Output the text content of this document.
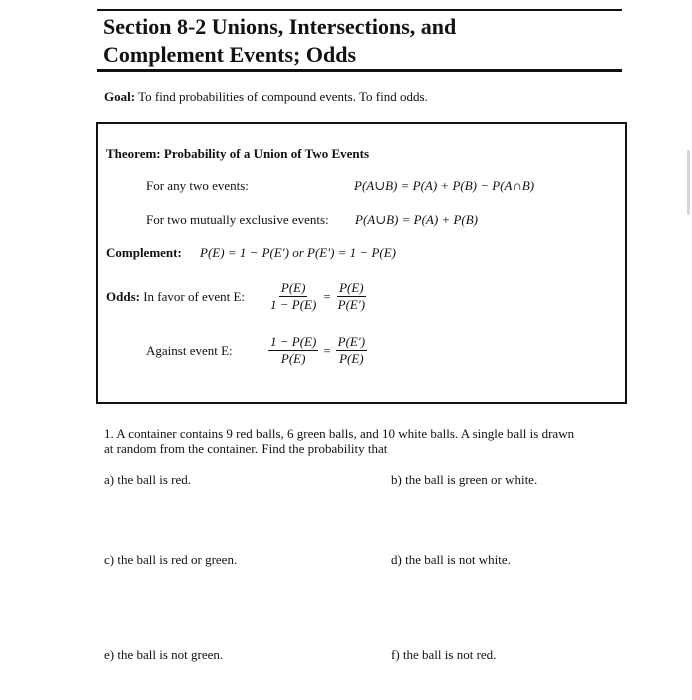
Section 8-2 Unions, Intersections, and
Complement Events; Odds
Goal: To find probabilities of compound events. To find odds.
Theorem: Probability of a Union of Two Events
For any two events:	P(A∪B) = P(A) + P(B) − P(A∩B)
For two mutually exclusive events: P(A∪B) = P(A) + P(B)
Complement: P(E) = 1 − P(E′) or P(E′) = 1 − P(E)
Odds: In favor of event E: $\frac{P(E)}{1 - P(E)} = \frac{P(E)}{P(E')}$
Against event E:	$\frac{1 - P(E)}{P(E)} = \frac{P(E')}{P(E)}$
1. A container contains 9 red balls, 6 green balls, and 10 white balls. A single ball is drawn
at random from the container. Find the probability that
a) the ball is red.	b) the ball is green or white.
c) the ball is red or green.	d) the ball is not white.
e) the ball is not green.	f) the ball is not red.
